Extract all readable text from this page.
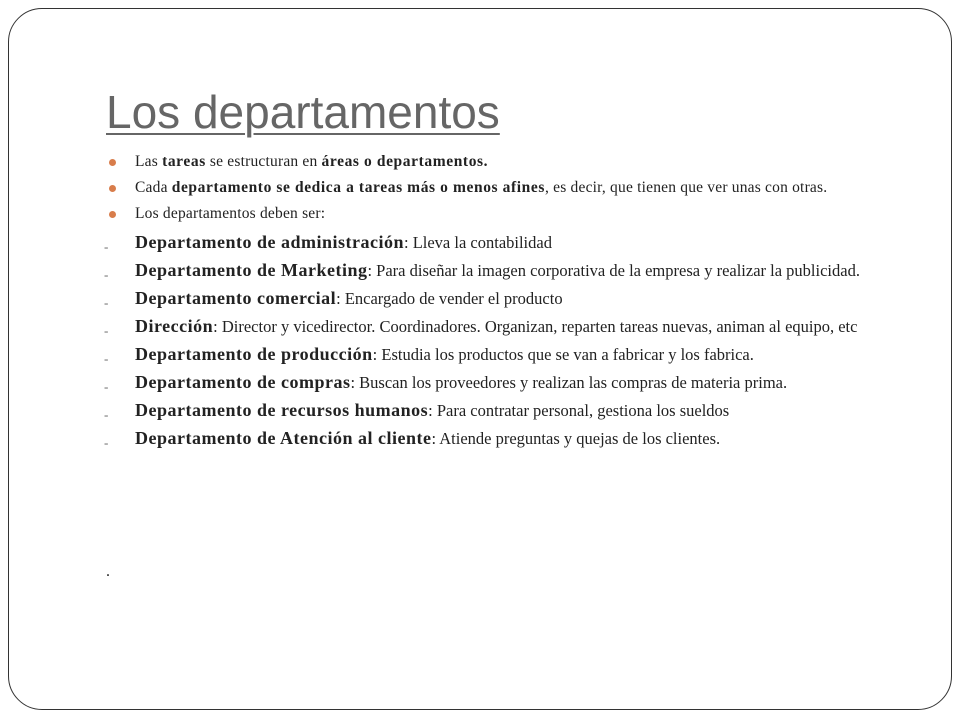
Los departamentos
Las tareas se estructuran en áreas o departamentos.
Cada departamento se dedica a tareas más o menos afines, es decir, que tienen que ver unas con otras.
Los departamentos deben ser:
- Departamento de administración: Lleva la contabilidad
- Departamento de Marketing: Para diseñar la imagen corporativa de la empresa y realizar la publicidad.
- Departamento comercial: Encargado de vender el producto
- Dirección: Director y vicedirector. Coordinadores. Organizan, reparten tareas nuevas, animan al equipo, etc
- Departamento de producción: Estudia los productos que se van a fabricar y los fabrica.
- Departamento de compras: Buscan los proveedores y realizan las compras de materia prima.
- Departamento de recursos humanos: Para contratar personal, gestiona los sueldos
- Departamento de Atención al cliente: Atiende preguntas y quejas de los clientes.
.
